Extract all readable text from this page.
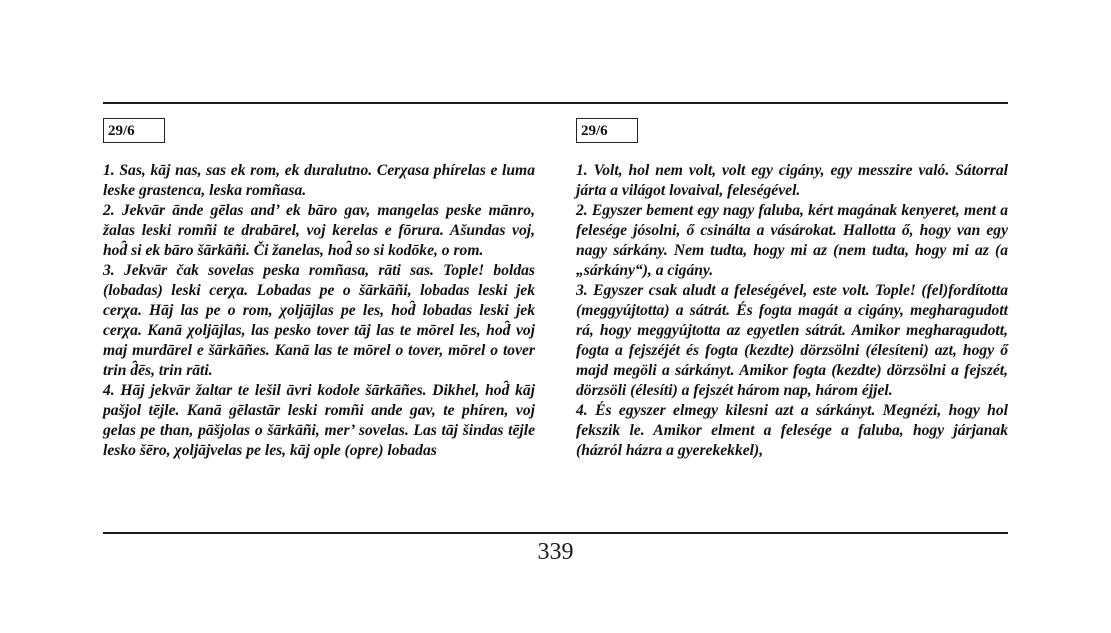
29/6

1. Sas, kāj nas, sas ek rom, ek duralutno. Cerχasa phírelas e luma leske grastenca, leska romñasa.

2. Jekvār ānde gēlas and’ ek bāro gav, mangelas peske mānro, žalas leski romñi te drabārel, voj kerelas e fōrura. Ašundas voj, hod̑ si ek bāro šārkāñi. Či žanelas, hod̑ so si kodōke, o rom.

3. Jekvār čak sovelas peska romñasa, rāti sas. Tople! boldas (lobadas) leski cerχa. Lobadas pe o šārkāñi, lobadas leski jek cerχa. Hāj las pe o rom, χoljājlas pe les, hod̑ lobadas leski jek cerχa. Kanā χoljājlas, las pesko tover tāj las te mōrel les, hod̑ voj maj murdārel e šārkāñes. Kanā las te mōrel o tover, mōrel o tover trin d̑ēs, trin rāti.

4. Hāj jekvār žaltar te lešil āvri kodole šārkāñes. Dikhel, hod̑ kāj pašjol tējle. Kanā gēlastār leski romñi ande gav, te phíren, voj gelas pe than, pāšjolas o šārkāñi, mer’ sovelas. Las tāj šindas tējle lesko šēro, χoljājvelas pe les, kāj ople (opre) lobadas

29/6

1. Volt, hol nem volt, volt egy cigány, egy messzire való. Sátorral járta a világot lovaival, feleségével.

2. Egyszer bement egy nagy faluba, kért magának kenyeret, ment a felesége jósolni, ő csinálta a vásárokat. Hallotta ő, hogy van egy nagy sárkány. Nem tudta, hogy mi az (nem tudta, hogy mi az (a „sárkány“), a cigány.

3. Egyszer csak aludt a feleségével, este volt. Tople! (fel)fordította (meggyújtotta) a sátrát. És fogta magát a cigány, megharagudott rá, hogy meggyújtotta az egyetlen sátrát. Amikor megharagudott, fogta a fejszéjét és fogta (kezdte) dörzsölni (élesíteni) azt, hogy ő majd megöli a sárkányt. Amikor fogta (kezdte) dörzsölni a fejszét, dörzsöli (élesíti) a fejszét három nap, három éjjel.

4. És egyszer elmegy kilesni azt a sárkányt. Megnézi, hogy hol fekszik le. Amikor elment a felesége a faluba, hogy járjanak (házról házra a gyerekekkel),

339
